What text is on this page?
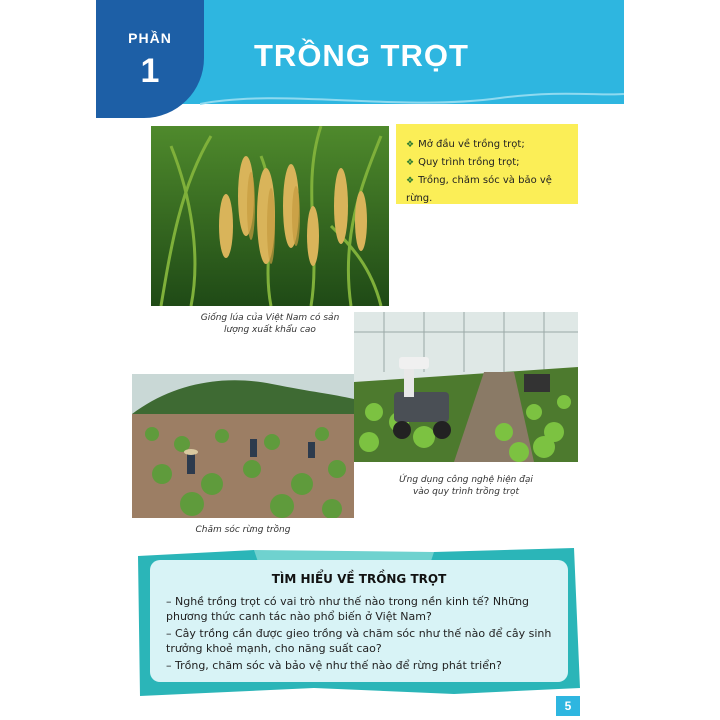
PHẦN
1	TRỒNG TRỌT
Giống lúa của Việt Nam có sản
lượng xuất khẩu cao
❖ Mở đầu về trồng trọt;
❖ Quy trình trồng trọt;
❖ Trồng, chăm sóc và bảo vệ rừng.
Ứng dụng công nghệ hiện đại
vào quy trình trồng trọt
Chăm sóc rừng trồng
TÌM HIỂU VỀ TRỒNG TRỌT
– Nghề trồng trọt có vai trò như thế nào trong nền kinh tế? Những phương thức canh tác nào phổ biến ở Việt Nam?
– Cây trồng cần được gieo trồng và chăm sóc như thế nào để cây sinh trưởng khoẻ mạnh, cho năng suất cao?
– Trồng, chăm sóc và bảo vệ như thế nào để rừng phát triển?
5
